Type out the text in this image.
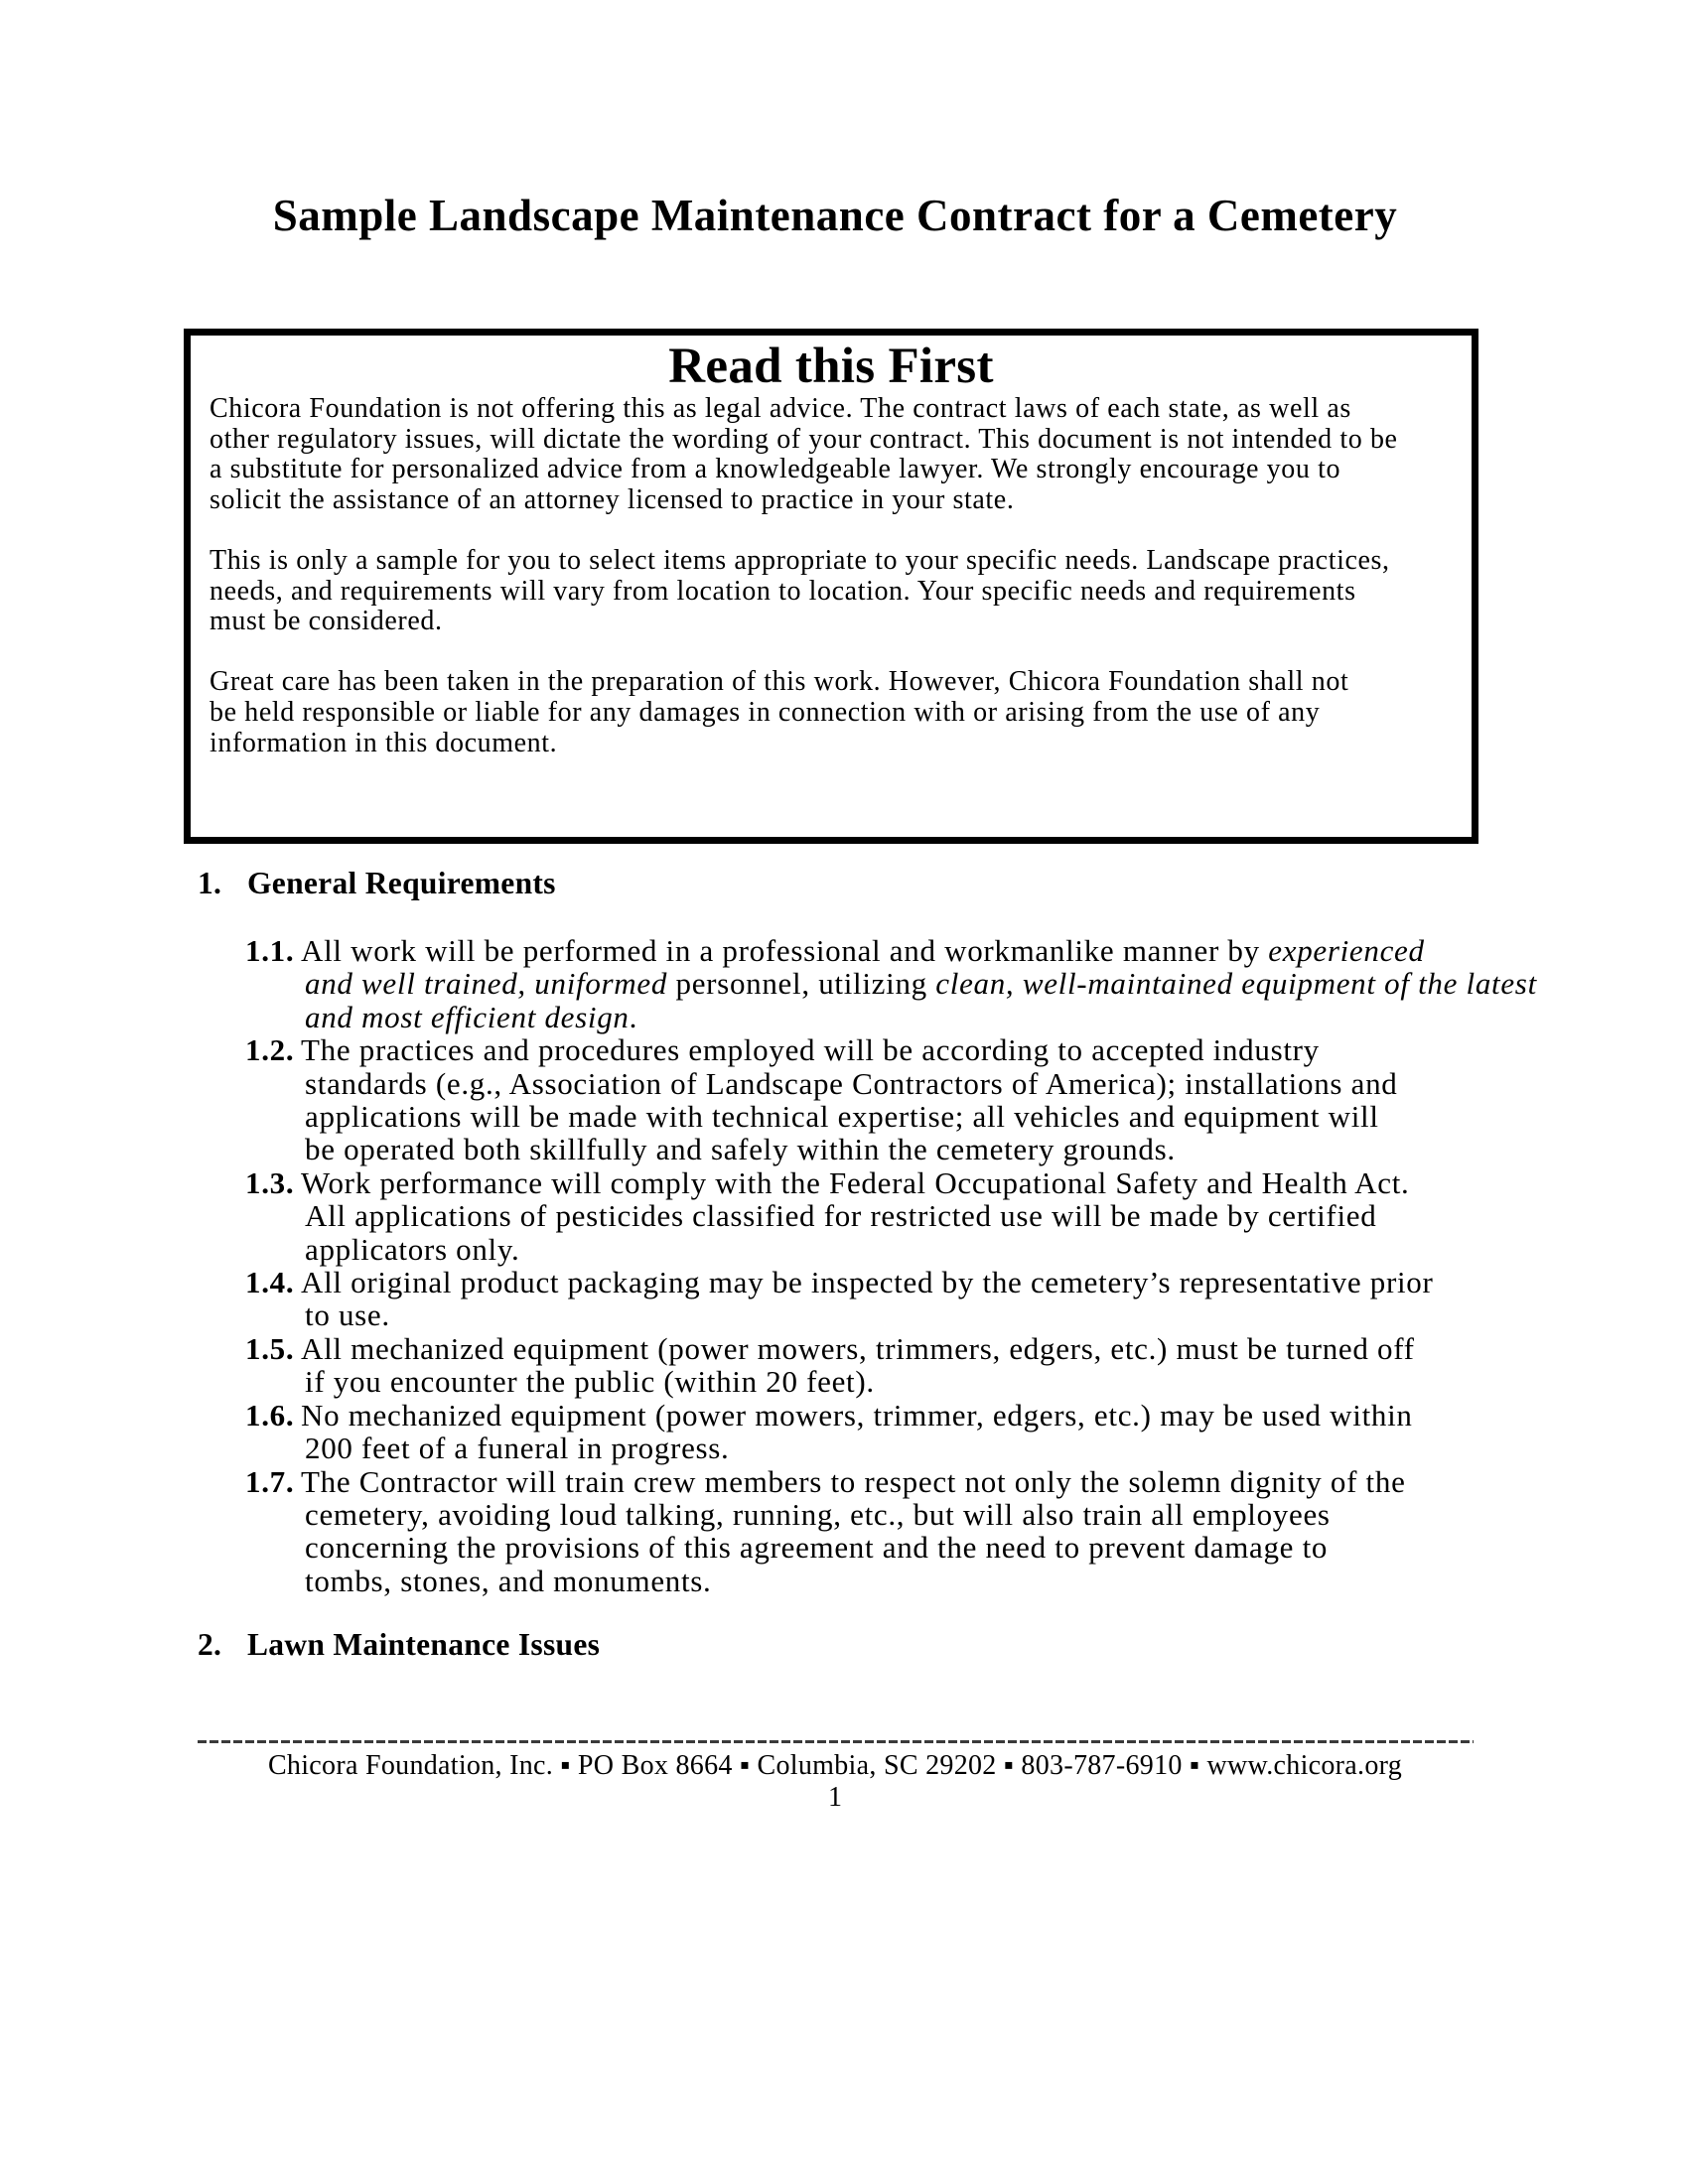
Sample Landscape Maintenance Contract for a Cemetery
Read this First
Chicora Foundation is not offering this as legal advice. The contract laws of each state, as well as
other regulatory issues, will dictate the wording of your contract. This document is not intended to be
a substitute for personalized advice from a knowledgeable lawyer. We strongly encourage you to
solicit the assistance of an attorney licensed to practice in your state.
This is only a sample for you to select items appropriate to your specific needs. Landscape practices,
needs, and requirements will vary from location to location. Your specific needs and requirements
must be considered.
Great care has been taken in the preparation of this work. However, Chicora Foundation shall not
be held responsible or liable for any damages in connection with or arising from the use of any
information in this document.
1. General Requirements
1.1. All work will be performed in a professional and workmanlike manner by experienced
and well trained, uniformed personnel, utilizing clean, well-maintained equipment of the latest
and most efficient design.
1.2. The practices and procedures employed will be according to accepted industry
standards (e.g., Association of Landscape Contractors of America); installations and
applications will be made with technical expertise; all vehicles and equipment will
be operated both skillfully and safely within the cemetery grounds.
1.3. Work performance will comply with the Federal Occupational Safety and Health Act.
All applications of pesticides classified for restricted use will be made by certified
applicators only.
1.4. All original product packaging may be inspected by the cemetery’s representative prior
to use.
1.5. All mechanized equipment (power mowers, trimmers, edgers, etc.) must be turned off
if you encounter the public (within 20 feet).
1.6. No mechanized equipment (power mowers, trimmer, edgers, etc.) may be used within
200 feet of a funeral in progress.
1.7. The Contractor will train crew members to respect not only the solemn dignity of the
cemetery, avoiding loud talking, running, etc., but will also train all employees
concerning the provisions of this agreement and the need to prevent damage to
tombs, stones, and monuments.
2. Lawn Maintenance Issues
Chicora Foundation, Inc. ▪ PO Box 8664 ▪ Columbia, SC 29202 ▪ 803-787-6910 ▪ www.chicora.org
1
